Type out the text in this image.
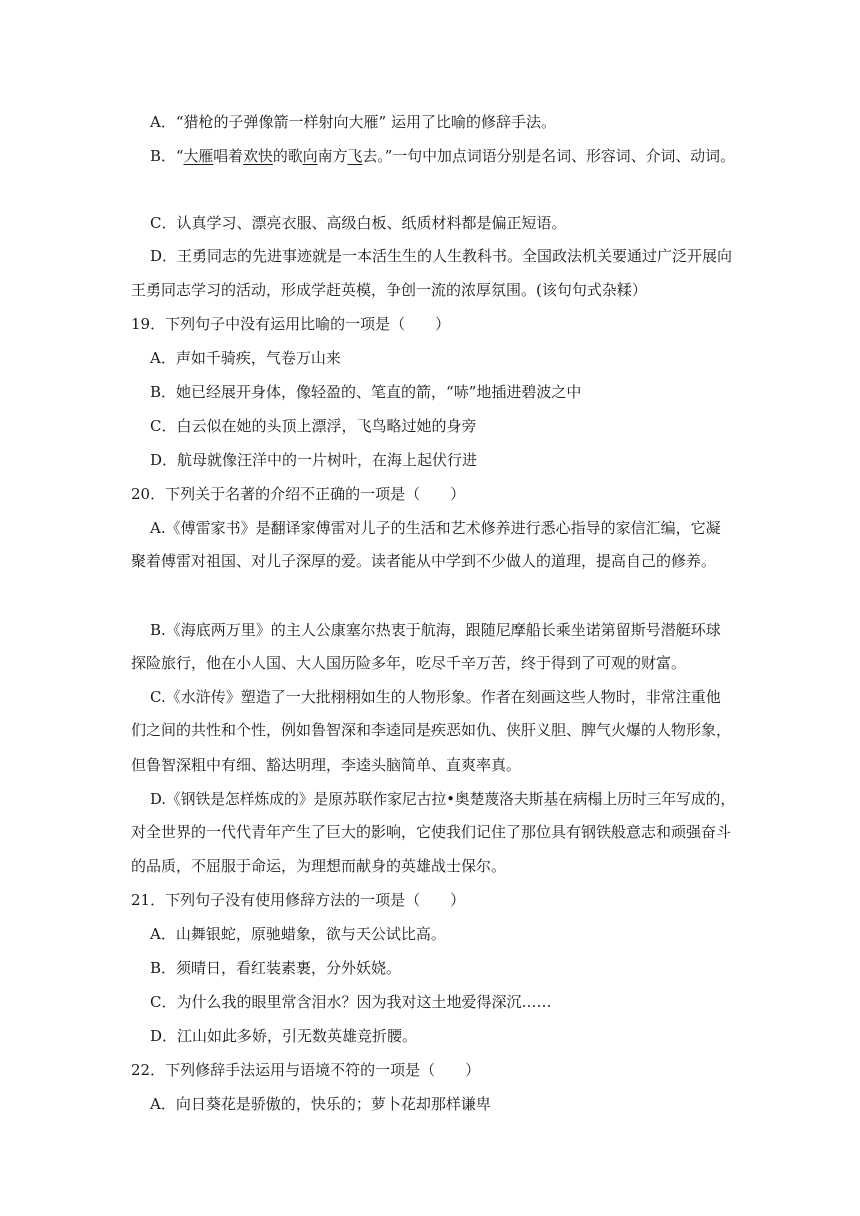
A．“猎枪的子弹像箭一样射向大雁” 运用了比喻的修辞手法。
B．“大雁唱着欢快的歌向南方飞去。”一句中加点词语分别是名词、形容词、介词、动词。
C．认真学习、漂亮衣服、高级白板、纸质材料都是偏正短语。
D．王勇同志的先进事迹就是一本活生生的人生教科书。全国政法机关要通过广泛开展向
王勇同志学习的活动，形成学赶英模，争创一流的浓厚氛围。(该句句式杂糅）
19．下列句子中没有运用比喻的一项是（　　）
A．声如千骑疾，气卷万山来
B．她已经展开身体，像轻盈的、笔直的箭，“哧”地插进碧波之中
C．白云似在她的头顶上漂浮，飞鸟略过她的身旁
D．航母就像汪洋中的一片树叶，在海上起伏行进
20．下列关于名著的介绍不正确的一项是（　　）
A.《傅雷家书》是翻译家傅雷对儿子的生活和艺术修养进行悉心指导的家信汇编，它凝
聚着傅雷对祖国、对儿子深厚的爱。读者能从中学到不少做人的道理，提高自己的修养。
B.《海底两万里》的主人公康塞尔热衷于航海，跟随尼摩船长乘坐诺第留斯号潜艇环球
探险旅行，他在小人国、大人国历险多年，吃尽千辛万苦，终于得到了可观的财富。
C.《水浒传》塑造了一大批栩栩如生的人物形象。作者在刻画这些人物时，非常注重他
们之间的共性和个性，例如鲁智深和李逵同是疾恶如仇、侠肝义胆、脾气火爆的人物形象，
但鲁智深粗中有细、豁达明理，李逵头脑简单、直爽率真。
D.《钢铁是怎样炼成的》是原苏联作家尼古拉•奥楚蔑洛夫斯基在病榻上历时三年写成的，
对全世界的一代代青年产生了巨大的影响，它使我们记住了那位具有钢铁般意志和顽强奋斗
的品质，不屈服于命运，为理想而献身的英雄战士保尔。
21．下列句子没有使用修辞方法的一项是（　　）
A．山舞银蛇，原驰蜡象，欲与天公试比高。
B．须晴日，看红装素裹，分外妖娆。
C．为什么我的眼里常含泪水？因为我对这土地爱得深沉……
D．江山如此多娇，引无数英雄竞折腰。
22．下列修辞手法运用与语境不符的一项是（　　）
A．向日葵花是骄傲的，快乐的；萝卜花却那样谦卑
